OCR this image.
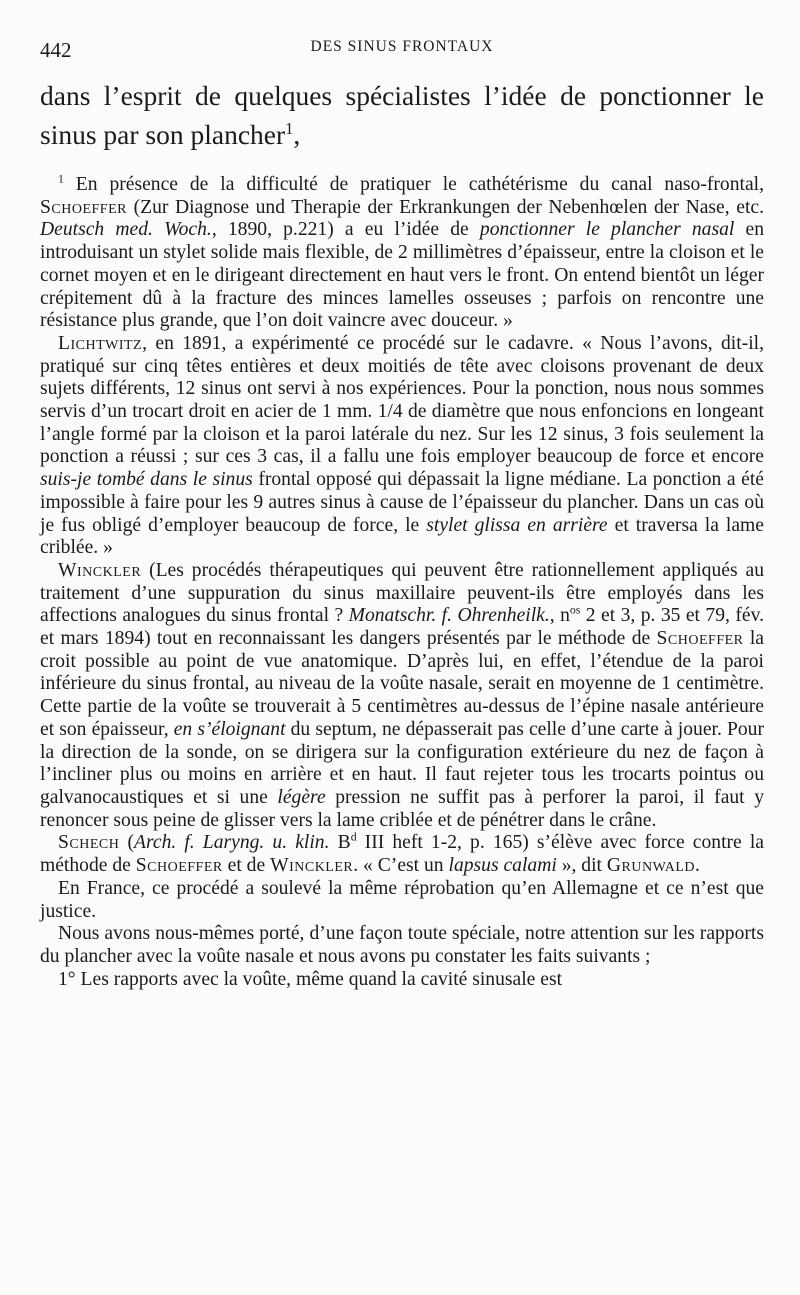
442	DES SINUS FRONTAUX

dans l’esprit de quelques spécialistes l’idée de ponctionner le sinus par son plancher$^1$,

$^1$ En présence de la difficulté de pratiquer le cathétérisme du canal naso-frontal, Schoeffer (Zur Diagnose und Therapie der Erkrankungen der Nebenhœlen der Nase, etc. Deutsch med. Woch., 1890, p.221) a eu l’idée de ponctionner le plancher nasal en introduisant un stylet solide mais flexible, de 2 millimètres d’épaisseur, entre la cloison et le cornet moyen et en le dirigeant directement en haut vers le front. On entend bientôt un léger crépitement dû à la fracture des minces lamelles osseuses ; parfois on rencontre une résistance plus grande, que l’on doit vaincre avec douceur. »

Lichtwitz, en 1891, a expérimenté ce procédé sur le cadavre. « Nous l’avons, dit-il, pratiqué sur cinq têtes entières et deux moitiés de tête avec cloisons provenant de deux sujets différents, 12 sinus ont servi à nos expériences. Pour la ponction, nous nous sommes servis d’un trocart droit en acier de 1 mm. 1/4 de diamètre que nous enfoncions en longeant l’angle formé par la cloison et la paroi latérale du nez. Sur les 12 sinus, 3 fois seulement la ponction a réussi ; sur ces 3 cas, il a fallu une fois employer beaucoup de force et encore suis-je tombé dans le sinus frontal opposé qui dépassait la ligne médiane. La ponction a été impossible à faire pour les 9 autres sinus à cause de l’épaisseur du plancher. Dans un cas où je fus obligé d’employer beaucoup de force, le stylet glissa en arrière et traversa la lame criblée. »

Winckler (Les procédés thérapeutiques qui peuvent être rationnellement appliqués au traitement d’une suppuration du sinus maxillaire peuvent-ils être employés dans les affections analogues du sinus frontal ? Monatschr. f. Ohrenheilk., $n^{os}$ 2 et 3, p. 35 et 79, fév. et mars 1894) tout en reconnaissant les dangers présentés par le méthode de Schoeffer la croit possible au point de vue anatomique. D’après lui, en effet, l’étendue de la paroi inférieure du sinus frontal, au niveau de la voûte nasale, serait en moyenne de 1 centimètre. Cette partie de la voûte se trouverait à 5 centimètres au-dessus de l’épine nasale antérieure et son épaisseur, en s’éloignant du septum, ne dépasserait pas celle d’une carte à jouer. Pour la direction de la sonde, on se dirigera sur la configuration extérieure du nez de façon à l’incliner plus ou moins en arrière et en haut. Il faut rejeter tous les trocarts pointus ou galvanocaustiques et si une légère pression ne suffit pas à perforer la paroi, il faut y renoncer sous peine de glisser vers la lame criblée et de pénétrer dans le crâne.

Schech (Arch. f. Laryng. u. klin. $B^d$ III heft 1-2, p. 165) s’élève avec force contre la méthode de Schoeffer et de Winckler. « C’est un lapsus calami », dit Grunwald.

En France, ce procédé a soulevé la même réprobation qu’en Allemagne et ce n’est que justice.

Nous avons nous-mêmes porté, d’une façon toute spéciale, notre attention sur les rapports du plancher avec la voûte nasale et nous avons pu constater les faits suivants ;

1° Les rapports avec la voûte, même quand la cavité sinusale est
